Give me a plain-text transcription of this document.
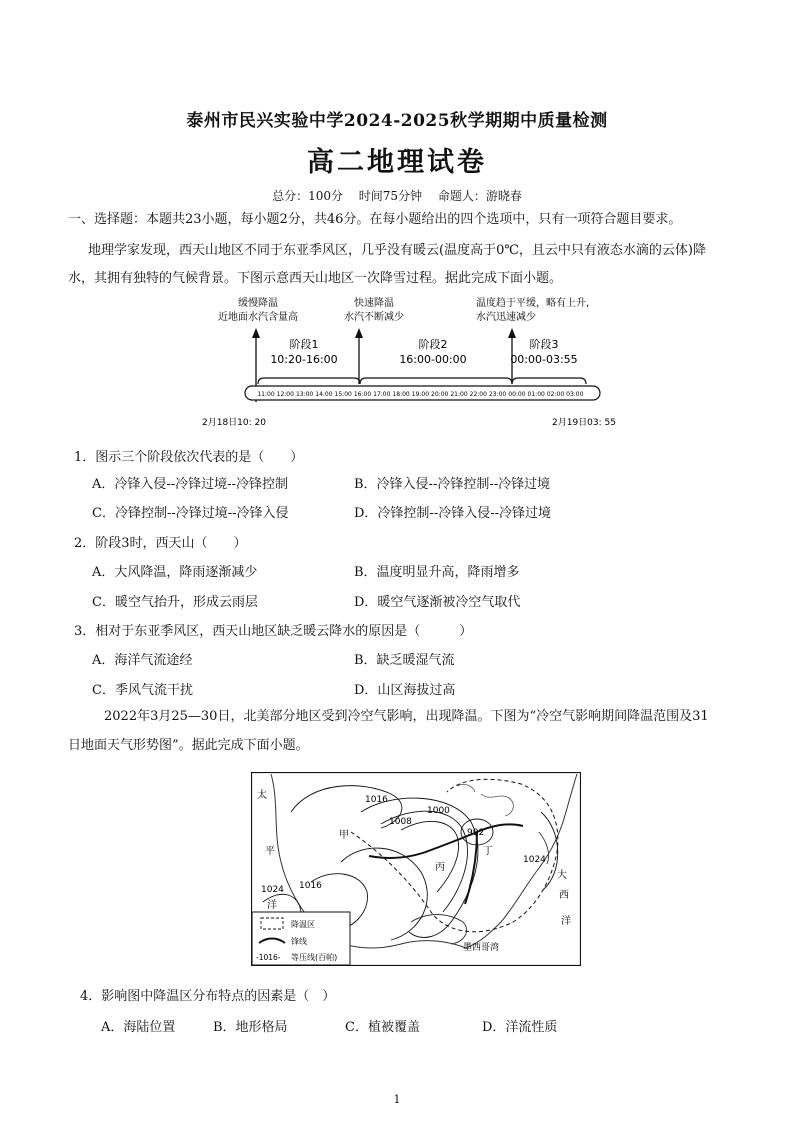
泰州市民兴实验中学2024-2025秋学期期中质量检测
高二地理试卷
总分：100分 时间75分钟 命题人：游晓春
一、选择题：本题共23小题，每小题2分，共46分。在每小题给出的四个选项中，只有一项符合题目要求。
地理学家发现，西天山地区不同于东亚季风区，几乎没有暖云(温度高于0℃，且云中只有液态水滴的云体)降
水，其拥有独特的气候背景。下图示意西天山地区一次降雪过程。据此完成下面小题。
缓慢降温
近地面水汽含量高
快速降温
水汽不断减少
温度趋于平缓，略有上升,
水汽迅速减少
阶段1
10:20-16:00
阶段2
16:00-00:00
阶段3
00:00-03:55
11:00 12:00 13:00 14:00 15:00 16:00 17:00 18:00 19:00 20:00 21:00 22:00 23:00 00:00 01:00 02:00 03:00
2月18日10: 20	2月19日03: 55
1．图示三个阶段依次代表的是（　　）
A．冷锋入侵--冷锋过境--冷锋控制	B．冷锋入侵--冷锋控制--冷锋过境
C．冷锋控制--冷锋过境--冷锋入侵	D．冷锋控制--冷锋入侵--冷锋过境
2．阶段3时，西天山（　　）
A．大风降温，降雨逐渐减少	B．温度明显升高，降雨增多
C．暖空气抬升，形成云雨层	D．暖空气逐渐被冷空气取代
3．相对于东亚季风区，西天山地区缺乏暖云降水的原因是（　　　）
A．海洋气流途经	B．缺乏暖湿气流
C．季风气流干扰	D．山区海拔过高
2022年3月25—30日，北美部分地区受到冷空气影响，出现降温。下图为“冷空气影响期间降温范围及31
日地面天气形势图”。据此完成下面小题。
1016
1008
1000
992
1024 1016
1024
甲
丙
丁
太
平
洋
大
西
洋
墨西哥湾
降温区
锋线
-1016- 等压线(百帕)
4．影响图中降温区分布特点的因素是（　）
A．海陆位置	B．地形格局	C．植被覆盖	D．洋流性质
1
